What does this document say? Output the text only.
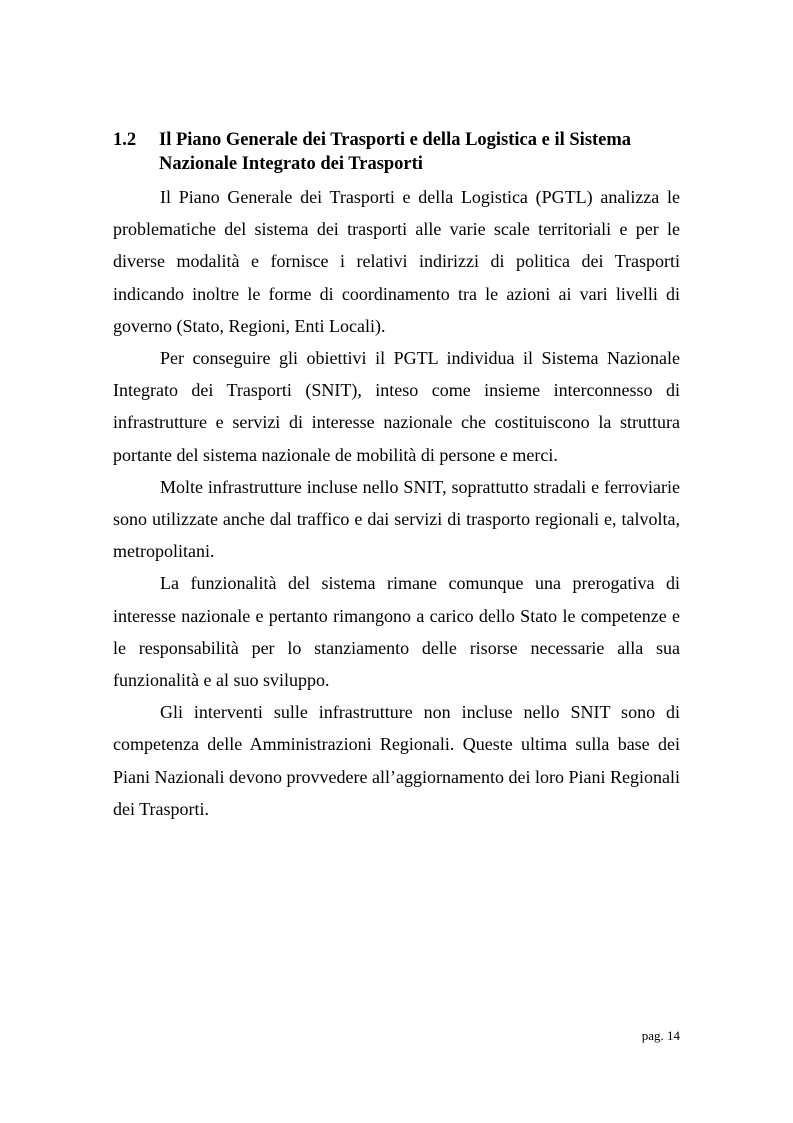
1.2	Il Piano Generale dei Trasporti e della Logistica e il Sistema Nazionale Integrato dei Trasporti

Il Piano Generale dei Trasporti e della Logistica (PGTL) analizza le problematiche del sistema dei trasporti alle varie scale territoriali e per le diverse modalità e fornisce i relativi indirizzi di politica dei Trasporti indicando inoltre le forme di coordinamento tra le azioni ai vari livelli di governo (Stato, Regioni, Enti Locali).

Per conseguire gli obiettivi il PGTL individua il Sistema Nazionale Integrato dei Trasporti (SNIT), inteso come insieme interconnesso di infrastrutture e servizi di interesse nazionale che costituiscono la struttura portante del sistema nazionale de mobilità di persone e merci.

Molte infrastrutture incluse nello SNIT, soprattutto stradali e ferroviarie sono utilizzate anche dal traffico e dai servizi di trasporto regionali e, talvolta, metropolitani.

La funzionalità del sistema rimane comunque una prerogativa di interesse nazionale e pertanto rimangono a carico dello Stato le competenze e le responsabilità per lo stanziamento delle risorse necessarie alla sua funzionalità e al suo sviluppo.

Gli interventi sulle infrastrutture non incluse nello SNIT sono di competenza delle Amministrazioni Regionali. Queste ultima sulla base dei Piani Nazionali devono provvedere all’aggiornamento dei loro Piani Regionali dei Trasporti.

pag. 14
